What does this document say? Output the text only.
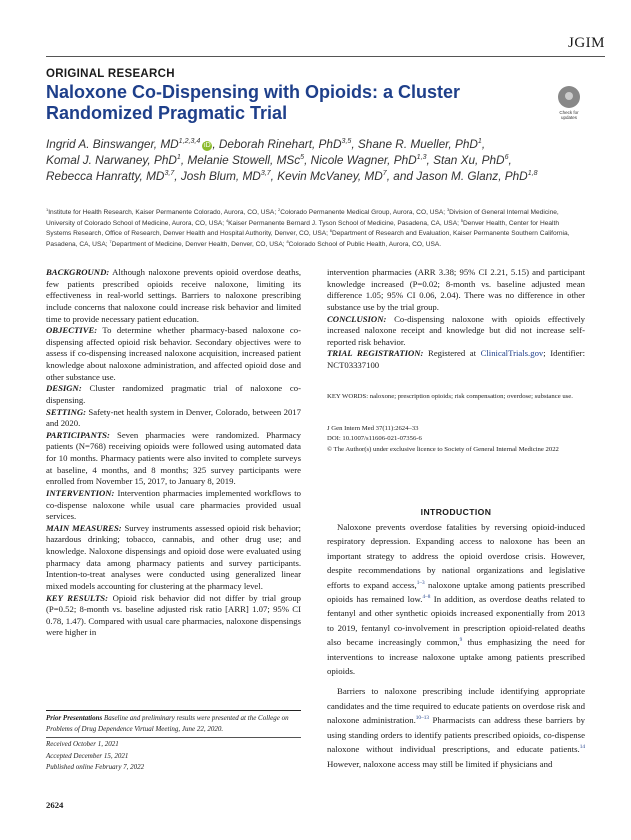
JGIM
ORIGINAL RESEARCH
Naloxone Co-Dispensing with Opioids: a Cluster Randomized Pragmatic Trial	Check for updates
Ingrid A. Binswanger, MD$^{1,2,3,4}$iD , Deborah Rinehart, PhD$^{3,5}$, Shane R. Mueller, PhD$^1$,
Komal J. Narwaney, PhD$^1$, Melanie Stowell, MSc$^5$, Nicole Wagner, PhD$^{1,3}$, Stan Xu, PhD$^6$,
Rebecca Hanratty, MD$^{3,7}$, Josh Blum, MD$^{3,7}$, Kevin McVaney, $MD^7$, and Jason M. Glanz, PhD$^{1,8}$
$^1$Institute for Health Research, Kaiser Permanente Colorado, Aurora, CO, USA; $^2$Colorado Permanente Medical Group, Aurora, CO, USA; $^3$Division of General Internal Medicine, University of Colorado School of Medicine, Aurora, CO, USA; $^4$Kaiser Permanente Bernard J. Tyson School of Medicine, Pasadena, CA, USA; $^5$Denver Health, Center for Health Systems Research, Office of Research, Denver Health and Hospital Authority, Denver, CO, USA; $^6$Department of Research and Evaluation, Kaiser Permanente Southern California, Pasadena, CA, USA; $^7$Department of Medicine, Denver Health, Denver, CO, USA; $^8$Colorado School of Public Health, Aurora, CO, USA.
BACKGROUND: Although naloxone prevents opioid overdose deaths, few patients prescribed opioids receive naloxone, limiting its effectiveness in real-world settings. Barriers to naloxone prescribing include concerns that naloxone could increase risk behavior and limited time to provide necessary patient education.
OBJECTIVE: To determine whether pharmacy-based naloxone co-dispensing affected opioid risk behavior. Secondary objectives were to assess if co-dispensing increased naloxone acquisition, increased patient knowledge about naloxone administration, and affected opioid dose and other substance use.
DESIGN: Cluster randomized pragmatic trial of naloxone co-dispensing.
SETTING: Safety-net health system in Denver, Colorado, between 2017 and 2020.
PARTICIPANTS: Seven pharmacies were randomized. Pharmacy patients (N=768) receiving opioids were followed using automated data for 10 months. Pharmacy patients were also invited to complete surveys at baseline, 4 months, and 8 months; 325 survey participants were enrolled from November 15, 2017, to January 8, 2019.
INTERVENTION: Intervention pharmacies implemented workflows to co-dispense naloxone while usual care pharmacies provided usual services.
MAIN MEASURES: Survey instruments assessed opioid risk behavior; hazardous drinking; tobacco, cannabis, and other drug use; and knowledge. Naloxone dispensings and opioid dose were evaluated using pharmacy data among pharmacy patients and survey participants. Intention-to-treat analyses were conducted using generalized linear mixed models accounting for clustering at the pharmacy level.
KEY RESULTS: Opioid risk behavior did not differ by trial group (P=0.52; 8-month vs. baseline adjusted risk ratio [ARR] 1.07; 95% CI 0.78, 1.47). Compared with usual care pharmacies, naloxone dispensings were higher in
intervention pharmacies (ARR 3.38; 95% CI 2.21, 5.15) and participant knowledge increased (P=0.02; 8-month vs. baseline adjusted mean difference 1.05; 95% CI 0.06, 2.04). There was no difference in other substance use by the trial group.
CONCLUSION: Co-dispensing naloxone with opioids effectively increased naloxone receipt and knowledge but did not increase self-reported risk behavior.
TRIAL REGISTRATION: Registered at ClinicalTrials.gov; Identifier: NCT03337100
KEY WORDS: naloxone; prescription opioids; risk compensation; overdose; substance use.
J Gen Intern Med 37(11):2624–33
DOI: 10.1007/s11606-021-07356-6
© The Author(s) under exclusive licence to Society of General Internal Medicine 2022
INTRODUCTION

Naloxone prevents overdose fatalities by reversing opioid-induced respiratory depression. Expanding access to naloxone has been an important strategy to address the opioid overdose crisis. However, despite recommendations by national organizations and legislative efforts to expand access,$^{1-3}$ naloxone uptake among patients prescribed opioids has remained low.$^{4-8}$ In addition, as overdose deaths related to fentanyl and other synthetic opioids increased exponentially from 2013 to 2019, fentanyl co-involvement in prescription opioid-related deaths also became increasingly common,$^9$ thus emphasizing the need for interventions to increase naloxone uptake among patients prescribed opioids.

Barriers to naloxone prescribing include identifying appropriate candidates and the time required to educate patients on overdose risk and naloxone administration.$^{10-13}$ Pharmacists can address these barriers by using standing orders to identify patients prescribed opioids, co-dispense naloxone without individual prescriptions, and educate patients.$^{14}$ However, naloxone access may still be limited if physicians and

Prior Presentations Baseline and preliminary results were presented at the College on Problems of Drug Dependence Virtual Meeting, June 22, 2020.
Received October 1, 2021
Accepted December 15, 2021
Published online February 7, 2022
2624
